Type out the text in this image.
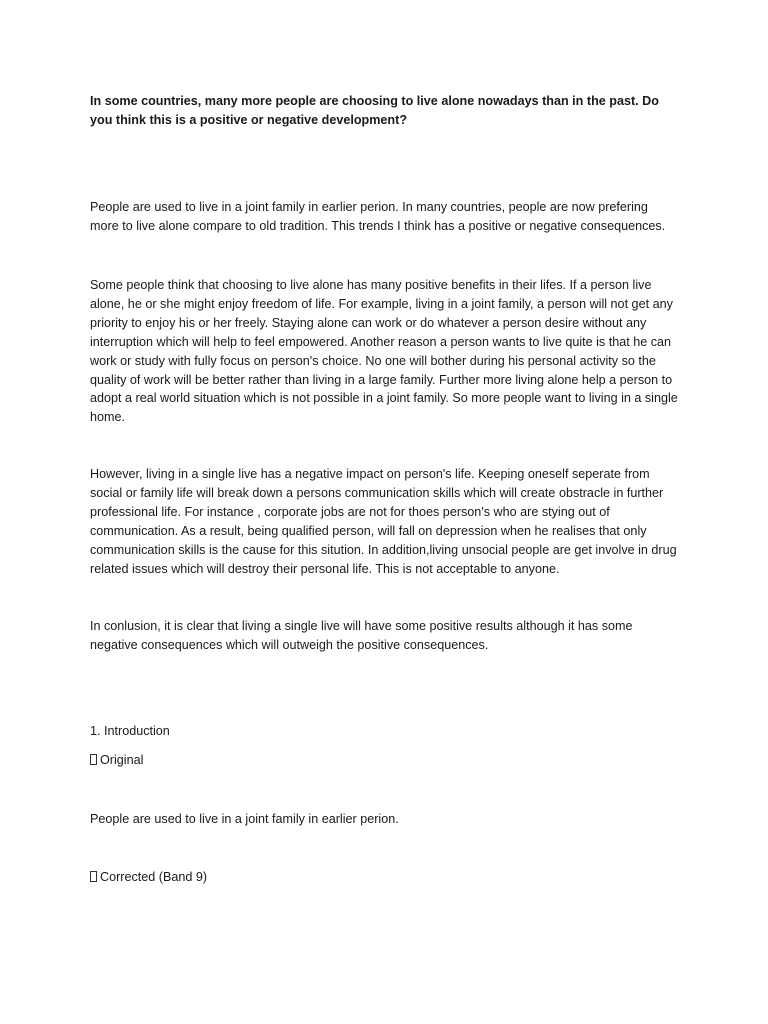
In some countries, many more people are choosing to live alone nowadays than in the past. Do you think this is a positive or negative development?

People are used to live in a joint family in earlier perion. In many countries, people are now prefering more to live alone compare to old tradition. This trends I think has a positive or negative consequences.

Some people think that choosing to live alone has many positive benefits in their lifes. If a person live alone, he or she might enjoy freedom of life. For example, living in a joint family, a person will not get any priority to enjoy his or her freely. Staying alone can work or do whatever a person desire without any interruption which will help to feel empowered. Another reason a person wants to live quite is that he can work or study with fully focus on person's choice. No one will bother during his personal activity so the quality of work will be better rather than living in a large family. Further more living alone help a person to adopt a real world situation which is not possible in a joint family. So more people want to living in a single home.

However, living in a single live has a negative impact on person's life. Keeping oneself seperate from social or family life will break down a persons communication skills which will create obstracle in further professional life. For instance , corporate jobs are not for thoes person's who are stying out of communication. As a result, being qualified person, will fall on depression when he realises that only communication skills is the cause for this sitution. In addition,living unsocial people are get involve in drug related issues which will destroy their personal life. This is not acceptable to anyone.

In conlusion, it is clear that living a single live will have some positive results although it has some negative consequences which will outweigh the positive consequences.

1. Introduction

Original

People are used to live in a joint family in earlier perion.

Corrected (Band 9)
